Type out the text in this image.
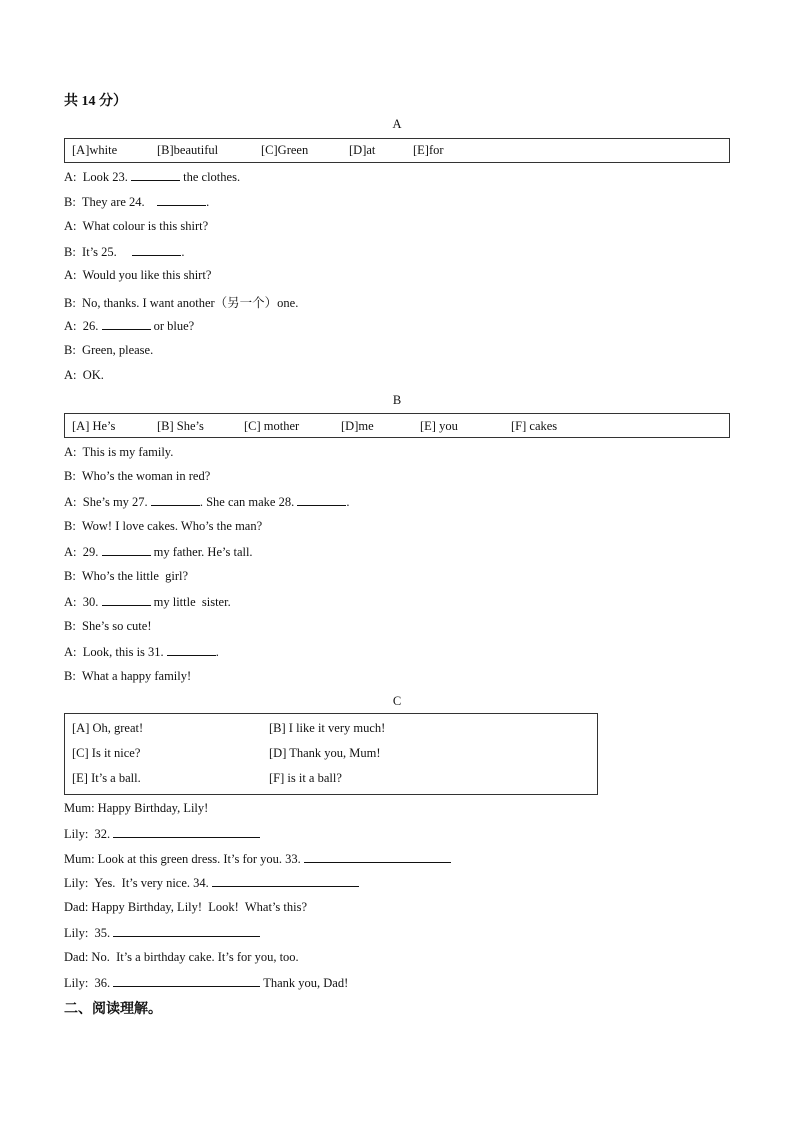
共 14 分）
A
[A]white	[B]beautiful	[C]Green	[D]at	[E]for
A:  Look 23.	the clothes.
B:  They are 24.	.
A:  What colour is this shirt?
B:  It’s 25.	.
A:  Would you like this shirt?
B:  No, thanks. I want another（另一个）one.
A:  26.	or blue?
B:  Green, please.
A:  OK.
B
[A] He’s	[B] She’s	[C] mother	[D]me	[E] you	[F] cakes
A:  This is my family.
B:  Who’s the woman in red?
A:  She’s my 27.	. She can make 28.	.
B:  Wow! I love cakes. Who’s the man?
A:  29.	my father. He’s tall.
B:  Who’s the little  girl?
A:  30.	my little  sister.
B:  She’s so cute!
A:  Look, this is 31.	.
B:  What a happy family!
C
[A] Oh, great!	[B] I like it very much!
[C] Is it nice?	[D] Thank you, Mum!
[E] It’s a ball.	[F] is it a ball?
Mum: Happy Birthday, Lily!
Lily:  32.
Mum: Look at this green dress. It’s for you. 33.
Lily:  Yes.  It’s very nice. 34.
Dad: Happy Birthday, Lily!  Look!  What’s this?
Lily:  35.
Dad: No.  It’s a birthday cake. It’s for you, too.
Lily:  36.	Thank you, Dad!
二、阅读理解。
